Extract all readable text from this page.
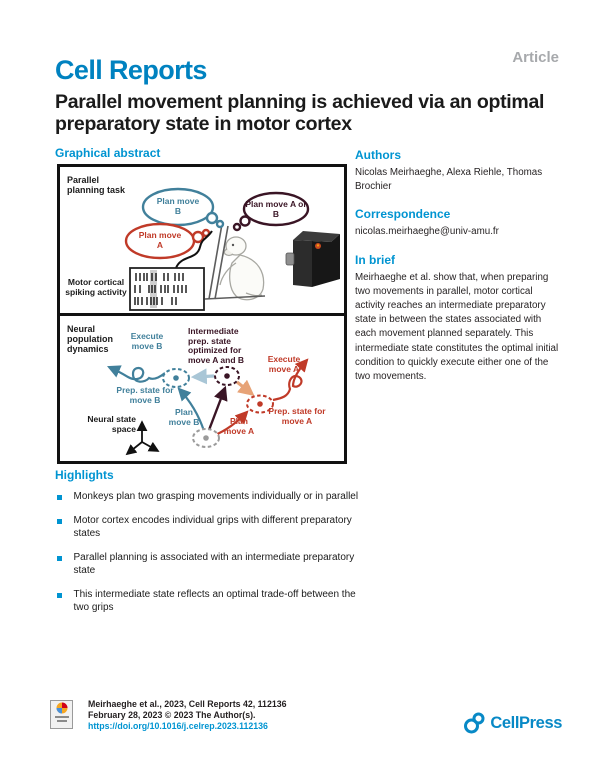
Cell Reports	Article
Parallel movement planning is achieved via an optimal preparatory state in motor cortex
Graphical abstract
Parallel planning task
Plan move B
Plan move A or B
Plan move A
Motor cortical spiking activity
Neural population dynamics
Execute move B
Intermediate prep. state optimized for move A and B	Execute move A
Prep. state for move B
Plan move B	Plan move A
Prep. state for move A
Neural state space
Authors

Nicolas Meirhaeghe, Alexa Riehle, Thomas Brochier

Correspondence

nicolas.meirhaeghe@univ-amu.fr

In brief

Meirhaeghe et al. show that, when preparing two movements in parallel, motor cortical activity reaches an intermediate preparatory state in between the states associated with each movement planned separately. This intermediate state constitutes the optimal initial condition to quickly execute either one of the two movements.

Highlights
Monkeys plan two grasping movements individually or in parallel
Motor cortex encodes individual grips with different preparatory states
Parallel planning is associated with an intermediate preparatory state
This intermediate state reflects an optimal trade-off between the two grips
Meirhaeghe et al., 2023, Cell Reports 42, 112136
February 28, 2023 © 2023 The Author(s).
https://doi.org/10.1016/j.celrep.2023.112136	CellPress
